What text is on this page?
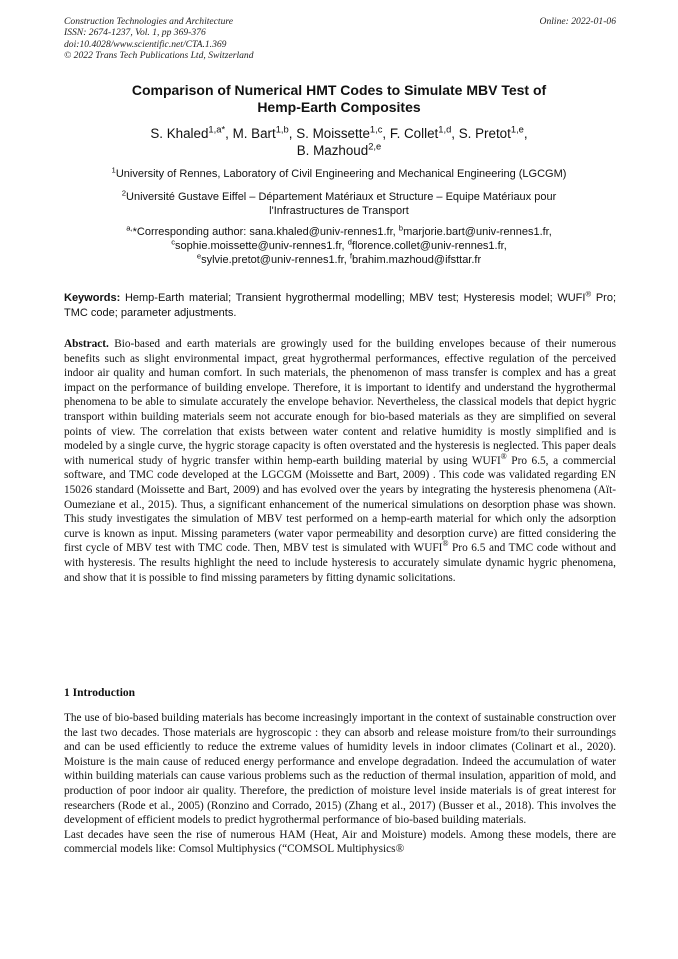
Construction Technologies and Architecture
ISSN: 2674-1237, Vol. 1, pp 369-376
doi:10.4028/www.scientific.net/CTA.1.369
© 2022 Trans Tech Publications Ltd, Switzerland
Online: 2022-01-06
Comparison of Numerical HMT Codes to Simulate MBV Test of
Hemp-Earth Composites
S. Khaled$^{1,a*}$, M. Bart$^{1,b}$, S. Moissette$^{1,c}$, F. Collet$^{1,d}$, S. Pretot$^{1,e}$,
B. Mazhoud$^{2,e}$
$^1$University of Rennes, Laboratory of Civil Engineering and Mechanical Engineering (LGCGM)
$^2$Université Gustave Eiffel – Département Matériaux et Structure – Equipe Matériaux pour
l'Infrastructures de Transport
$^{a,}$*Corresponding author: sana.khaled@univ-rennes1.fr, $^b$marjorie.bart@univ-rennes1.fr,
$^c$sophie.moissette@univ-rennes1.fr, $^d$florence.collet@univ-rennes1.fr,
$^e$sylvie.pretot@univ-rennes1.fr, $^f$brahim.mazhoud@ifsttar.fr
Keywords: Hemp-Earth material; Transient hygrothermal modelling; MBV test; Hysteresis model; WUFI® Pro; TMC code; parameter adjustments.
Abstract. Bio-based and earth materials are growingly used for the building envelopes because of their numerous benefits such as slight environmental impact, great hygrothermal performances, effective regulation of the perceived indoor air quality and human comfort. In such materials, the phenomenon of mass transfer is complex and has a great impact on the performance of building envelope. Therefore, it is important to identify and understand the hygrothermal phenomena to be able to simulate accurately the envelope behavior. Nevertheless, the classical models that depict hygric transport within building materials seem not accurate enough for bio-based materials as they are simplified on several points of view. The correlation that exists between water content and relative humidity is mostly simplified and is modeled by a single curve, the hygric storage capacity is often overstated and the hysteresis is neglected. This paper deals with numerical study of hygric transfer within hemp-earth building material by using WUFI® Pro 6.5, a commercial software, and TMC code developed at the LGCGM (Moissette and Bart, 2009) . This code was validated regarding EN 15026 standard (Moissette and Bart, 2009) and has evolved over the years by integrating the hysteresis phenomena (Aït-Oumeziane et al., 2015). Thus, a significant enhancement of the numerical simulations on desorption phase was shown. This study investigates the simulation of MBV test performed on a hemp-earth material for which only the adsorption curve is known as input. Missing parameters (water vapor permeability and desorption curve) are fitted considering the first cycle of MBV test with TMC code. Then, MBV test is simulated with WUFI® Pro 6.5 and TMC code without and with hysteresis. The results highlight the need to include hysteresis to accurately simulate dynamic hygric phenomena, and show that it is possible to find missing parameters by fitting dynamic solicitations.
1 Introduction

The use of bio-based building materials has become increasingly important in the context of sustainable construction over the last two decades. Those materials are hygroscopic : they can absorb and release moisture from/to their surroundings and can be used efficiently to reduce the extreme values of humidity levels in indoor climates (Colinart et al., 2020). Moisture is the main cause of reduced energy performance and envelope degradation. Indeed the accumulation of water within building materials can cause various problems such as the reduction of thermal insulation, apparition of mold, and production of poor indoor air quality. Therefore, the prediction of moisture level inside materials is of great interest for researchers (Rode et al., 2005) (Ronzino and Corrado, 2015) (Zhang et al., 2017) (Busser et al., 2018). This involves the development of efficient models to predict hygrothermal performance of bio-based building materials.

Last decades have seen the rise of numerous HAM (Heat, Air and Moisture) models. Among these models, there are commercial models like: Comsol Multiphysics (“COMSOL Multiphysics®
